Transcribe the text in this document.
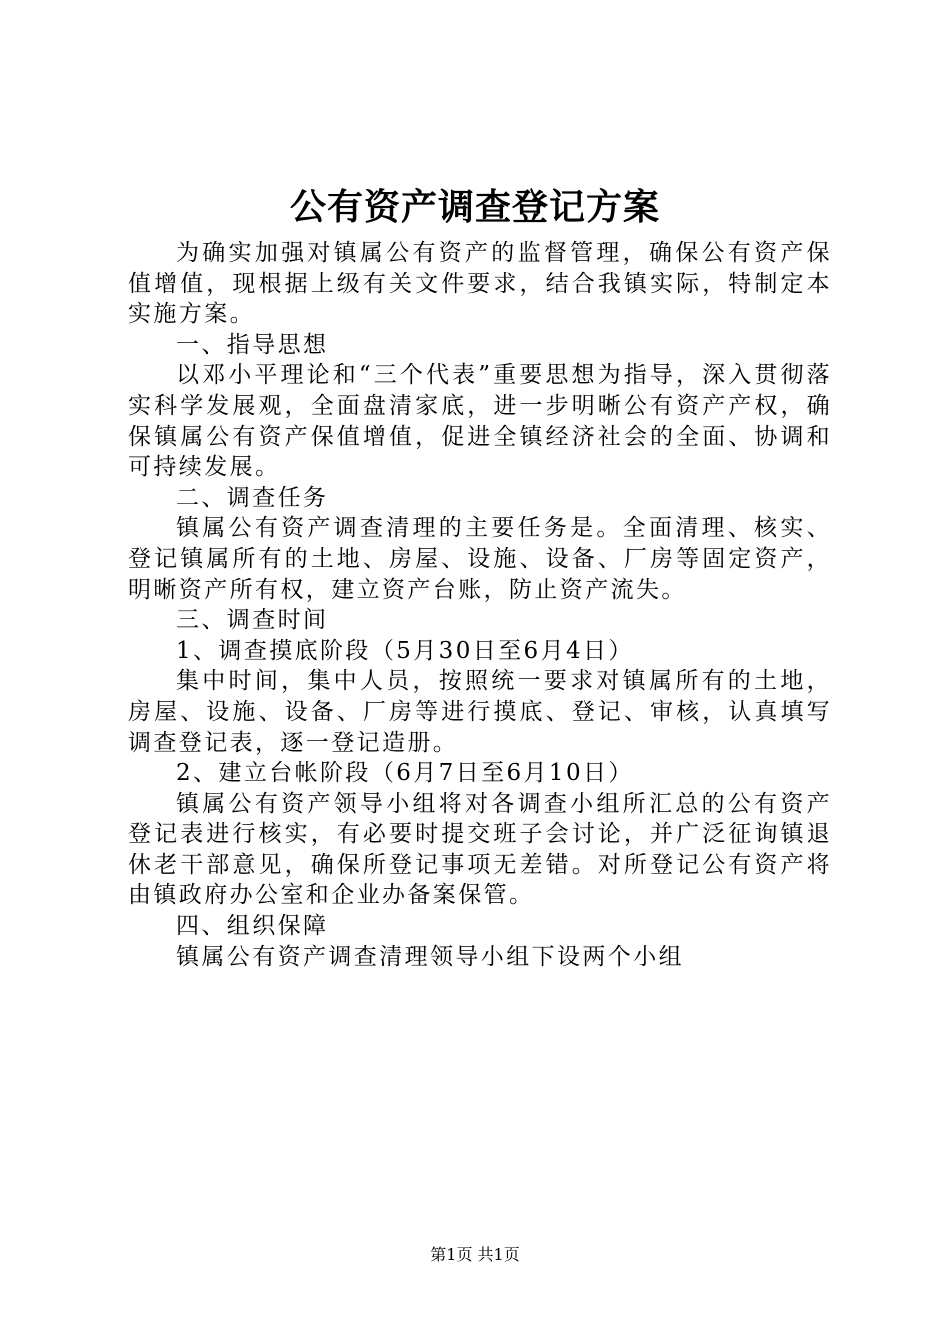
公有资产调查登记方案

为确实加强对镇属公有资产的监督管理，确保公有资产保值增值，现根据上级有关文件要求，结合我镇实际，特制定本实施方案。

一、指导思想

以邓小平理论和“三个代表”重要思想为指导，深入贯彻落实科学发展观，全面盘清家底，进一步明晰公有资产产权，确保镇属公有资产保值增值，促进全镇经济社会的全面、协调和可持续发展。

二、调查任务

镇属公有资产调查清理的主要任务是。全面清理、核实、登记镇属所有的土地、房屋、设施、设备、厂房等固定资产，明晰资产所有权，建立资产台账，防止资产流失。

三、调查时间

1、调查摸底阶段（5月30日至6月4日）

集中时间，集中人员，按照统一要求对镇属所有的土地，房屋、设施、设备、厂房等进行摸底、登记、审核，认真填写调查登记表，逐一登记造册。

2、建立台帐阶段（6月7日至6月10日）

镇属公有资产领导小组将对各调查小组所汇总的公有资产登记表进行核实，有必要时提交班子会讨论，并广泛征询镇退休老干部意见，确保所登记事项无差错。对所登记公有资产将由镇政府办公室和企业办备案保管。

四、组织保障

镇属公有资产调查清理领导小组下设两个小组

第1页 共1页
